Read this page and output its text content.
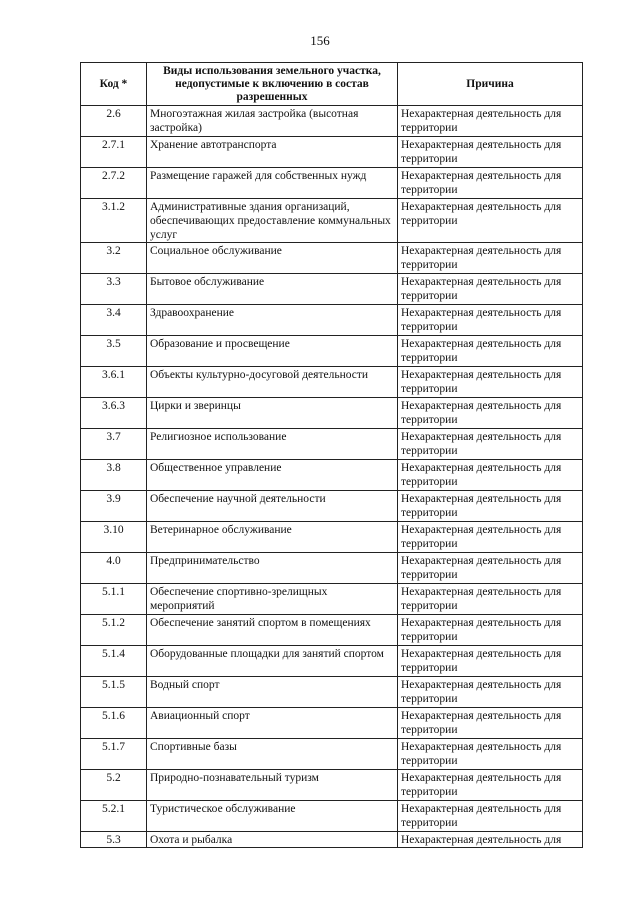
156
Код *	Виды использования земельного участка, недопустимые к включению в состав разрешенных	Причина
2.6	Многоэтажная жилая застройка (высотная застройка)	Нехарактерная деятельность для территории
2.7.1	Хранение автотранспорта	Нехарактерная деятельность для территории
2.7.2	Размещение гаражей для собственных нужд	Нехарактерная деятельность для территории
3.1.2	Административные здания организаций, обеспечивающих предоставление коммунальных услуг	Нехарактерная деятельность для территории
3.2	Социальное обслуживание	Нехарактерная деятельность для территории
3.3	Бытовое обслуживание	Нехарактерная деятельность для территории
3.4	Здравоохранение	Нехарактерная деятельность для территории
3.5	Образование и просвещение	Нехарактерная деятельность для территории
3.6.1	Объекты культурно-досуговой деятельности	Нехарактерная деятельность для территории
3.6.3	Цирки и зверинцы	Нехарактерная деятельность для территории
3.7	Религиозное использование	Нехарактерная деятельность для территории
3.8	Общественное управление	Нехарактерная деятельность для территории
3.9	Обеспечение научной деятельности	Нехарактерная деятельность для территории
3.10	Ветеринарное обслуживание	Нехарактерная деятельность для территории
4.0	Предпринимательство	Нехарактерная деятельность для территории
5.1.1	Обеспечение спортивно-зрелищных мероприятий	Нехарактерная деятельность для территории
5.1.2	Обеспечение занятий спортом в помещениях	Нехарактерная деятельность для территории
5.1.4	Оборудованные площадки для занятий спортом	Нехарактерная деятельность для территории
5.1.5	Водный спорт	Нехарактерная деятельность для территории
5.1.6	Авиационный спорт	Нехарактерная деятельность для территории
5.1.7	Спортивные базы	Нехарактерная деятельность для территории
5.2	Природно-познавательный туризм	Нехарактерная деятельность для территории
5.2.1	Туристическое обслуживание	Нехарактерная деятельность для территории
5.3	Охота и рыбалка	Нехарактерная деятельность для
